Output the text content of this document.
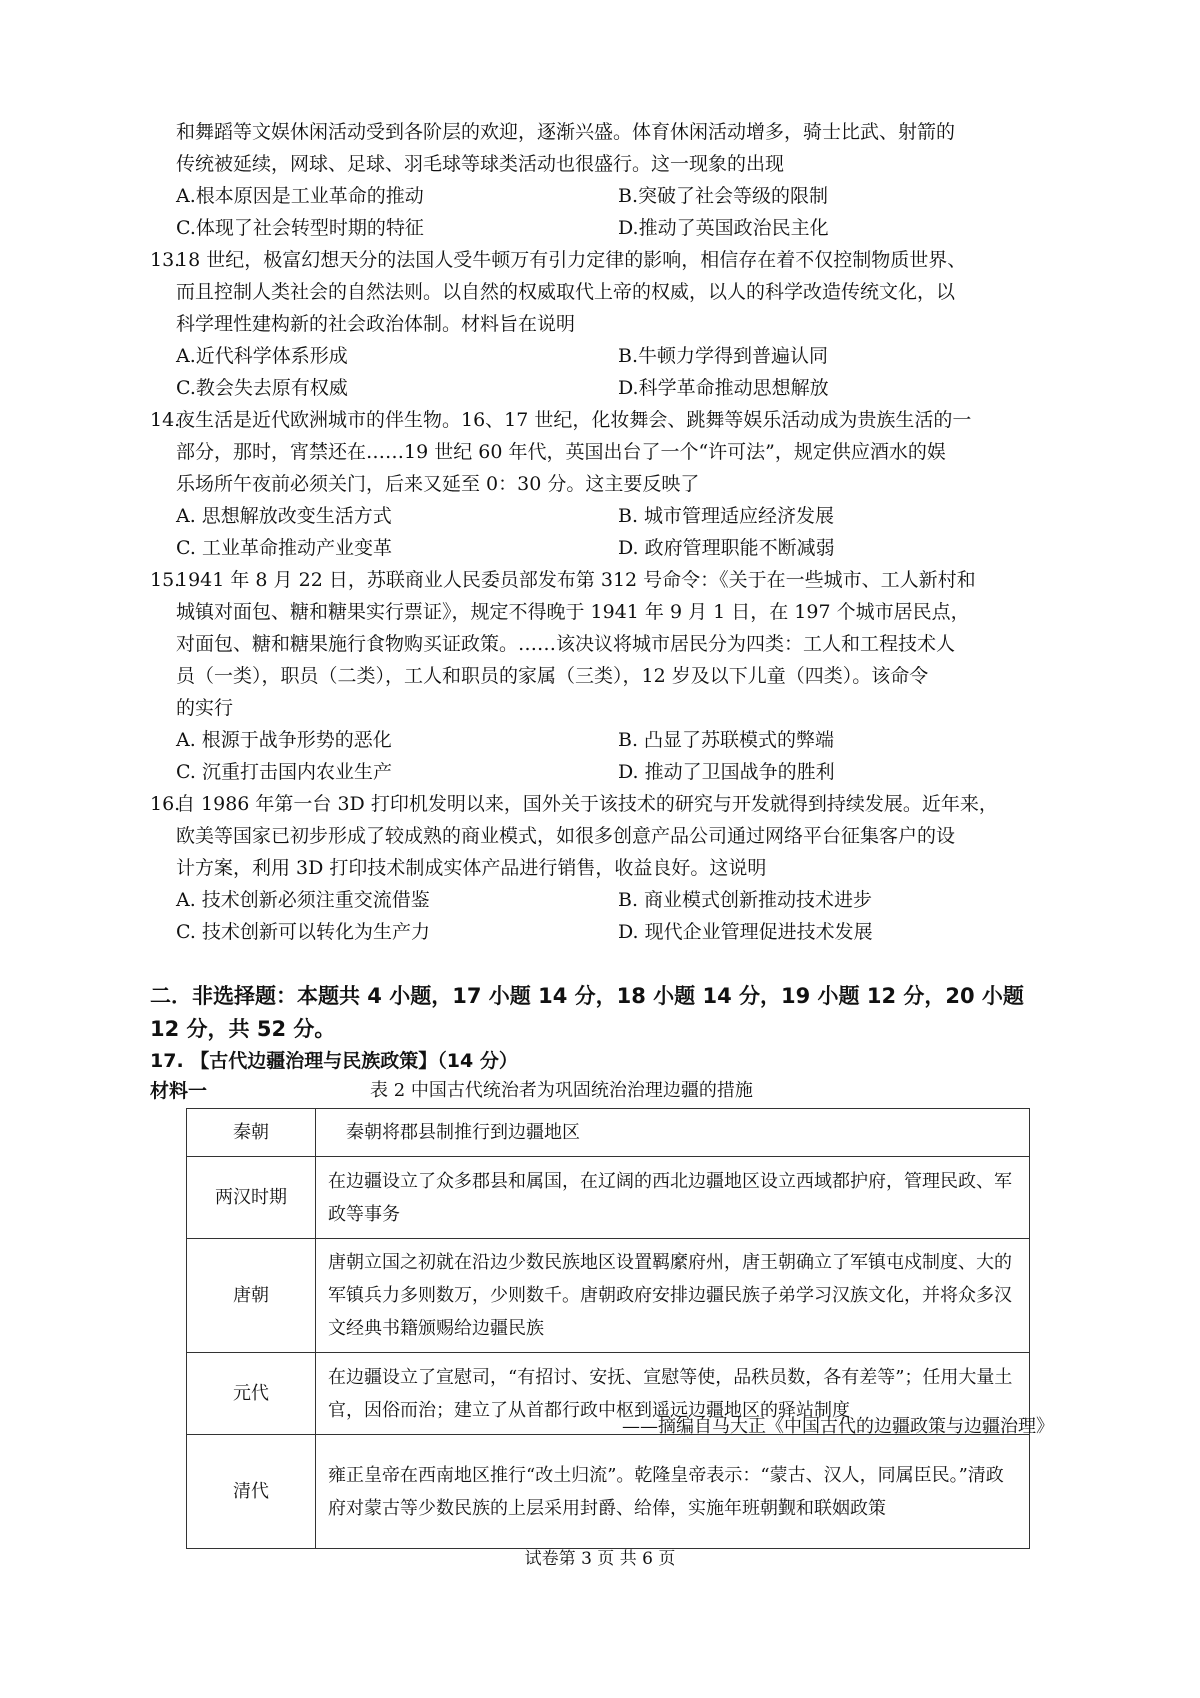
和舞蹈等文娱休闲活动受到各阶层的欢迎，逐渐兴盛。体育休闲活动增多，骑士比武、射箭的
传统被延续，网球、足球、羽毛球等球类活动也很盛行。这一现象的出现
A.根本原因是工业革命的推动	B.突破了社会等级的限制
C.体现了社会转型时期的特征	D.推动了英国政治民主化
13.
18 世纪，极富幻想天分的法国人受牛顿万有引力定律的影响，相信存在着不仅控制物质世界、
而且控制人类社会的自然法则。以自然的权威取代上帝的权威，以人的科学改造传统文化，以
科学理性建构新的社会政治体制。材料旨在说明
A.近代科学体系形成	B.牛顿力学得到普遍认同
C.教会失去原有权威	D.科学革命推动思想解放
14.
夜生活是近代欧洲城市的伴生物。16、17 世纪，化妆舞会、跳舞等娱乐活动成为贵族生活的一
部分，那时，宵禁还在……19 世纪 60 年代，英国出台了一个“许可法”，规定供应酒水的娱
乐场所午夜前必须关门，后来又延至 0：30 分。这主要反映了
A. 思想解放改变生活方式	B. 城市管理适应经济发展
C. 工业革命推动产业变革	D. 政府管理职能不断减弱
15.
1941 年 8 月 22 日，苏联商业人民委员部发布第 312 号命令：《关于在一些城市、工人新村和
城镇对面包、糖和糖果实行票证》，规定不得晚于 1941 年 9 月 1 日，在 197 个城市居民点，
对面包、糖和糖果施行食物购买证政策。……该决议将城市居民分为四类：工人和工程技术人
员（一类），职员（二类），工人和职员的家属（三类），12 岁及以下儿童（四类）。该命令
的实行
A. 根源于战争形势的恶化	B. 凸显了苏联模式的弊端
C. 沉重打击国内农业生产	D. 推动了卫国战争的胜利
16.
自 1986 年第一台 3D 打印机发明以来，国外关于该技术的研究与开发就得到持续发展。近年来，
欧美等国家已初步形成了较成熟的商业模式，如很多创意产品公司通过网络平台征集客户的设
计方案，利用 3D 打印技术制成实体产品进行销售，收益良好。这说明
A. 技术创新必须注重交流借鉴	B. 商业模式创新推动技术进步
C. 技术创新可以转化为生产力	D. 现代企业管理促进技术发展
二．非选择题：本题共 4 小题，17 小题 14 分，18 小题 14 分，19 小题 12 分，20 小题
12 分，共 52 分。
17. 【古代边疆治理与民族政策】（14 分）
材料一	表 2 中国古代统治者为巩固统治治理边疆的措施
秦朝	秦朝将郡县制推行到边疆地区
两汉时期	在边疆设立了众多郡县和属国，在辽阔的西北边疆地区设立西域都护府，管理民政、军政等事务
唐朝	唐朝立国之初就在沿边少数民族地区设置羁縻府州，唐王朝确立了军镇屯戍制度、大的军镇兵力多则数万，少则数千。唐朝政府安排边疆民族子弟学习汉族文化，并将众多汉文经典书籍颁赐给边疆民族
元代	在边疆设立了宣慰司，“有招讨、安抚、宣慰等使，品秩员数，各有差等”；任用大量土官，因俗而治；建立了从首都行政中枢到遥远边疆地区的驿站制度
清代	雍正皇帝在西南地区推行“改土归流”。乾隆皇帝表示：“蒙古、汉人，同属臣民。”清政府对蒙古等少数民族的上层采用封爵、给俸，实施年班朝觐和联姻政策
——摘编自马大正《中国古代的边疆政策与边疆治理》
试卷第 3 页 共 6 页
